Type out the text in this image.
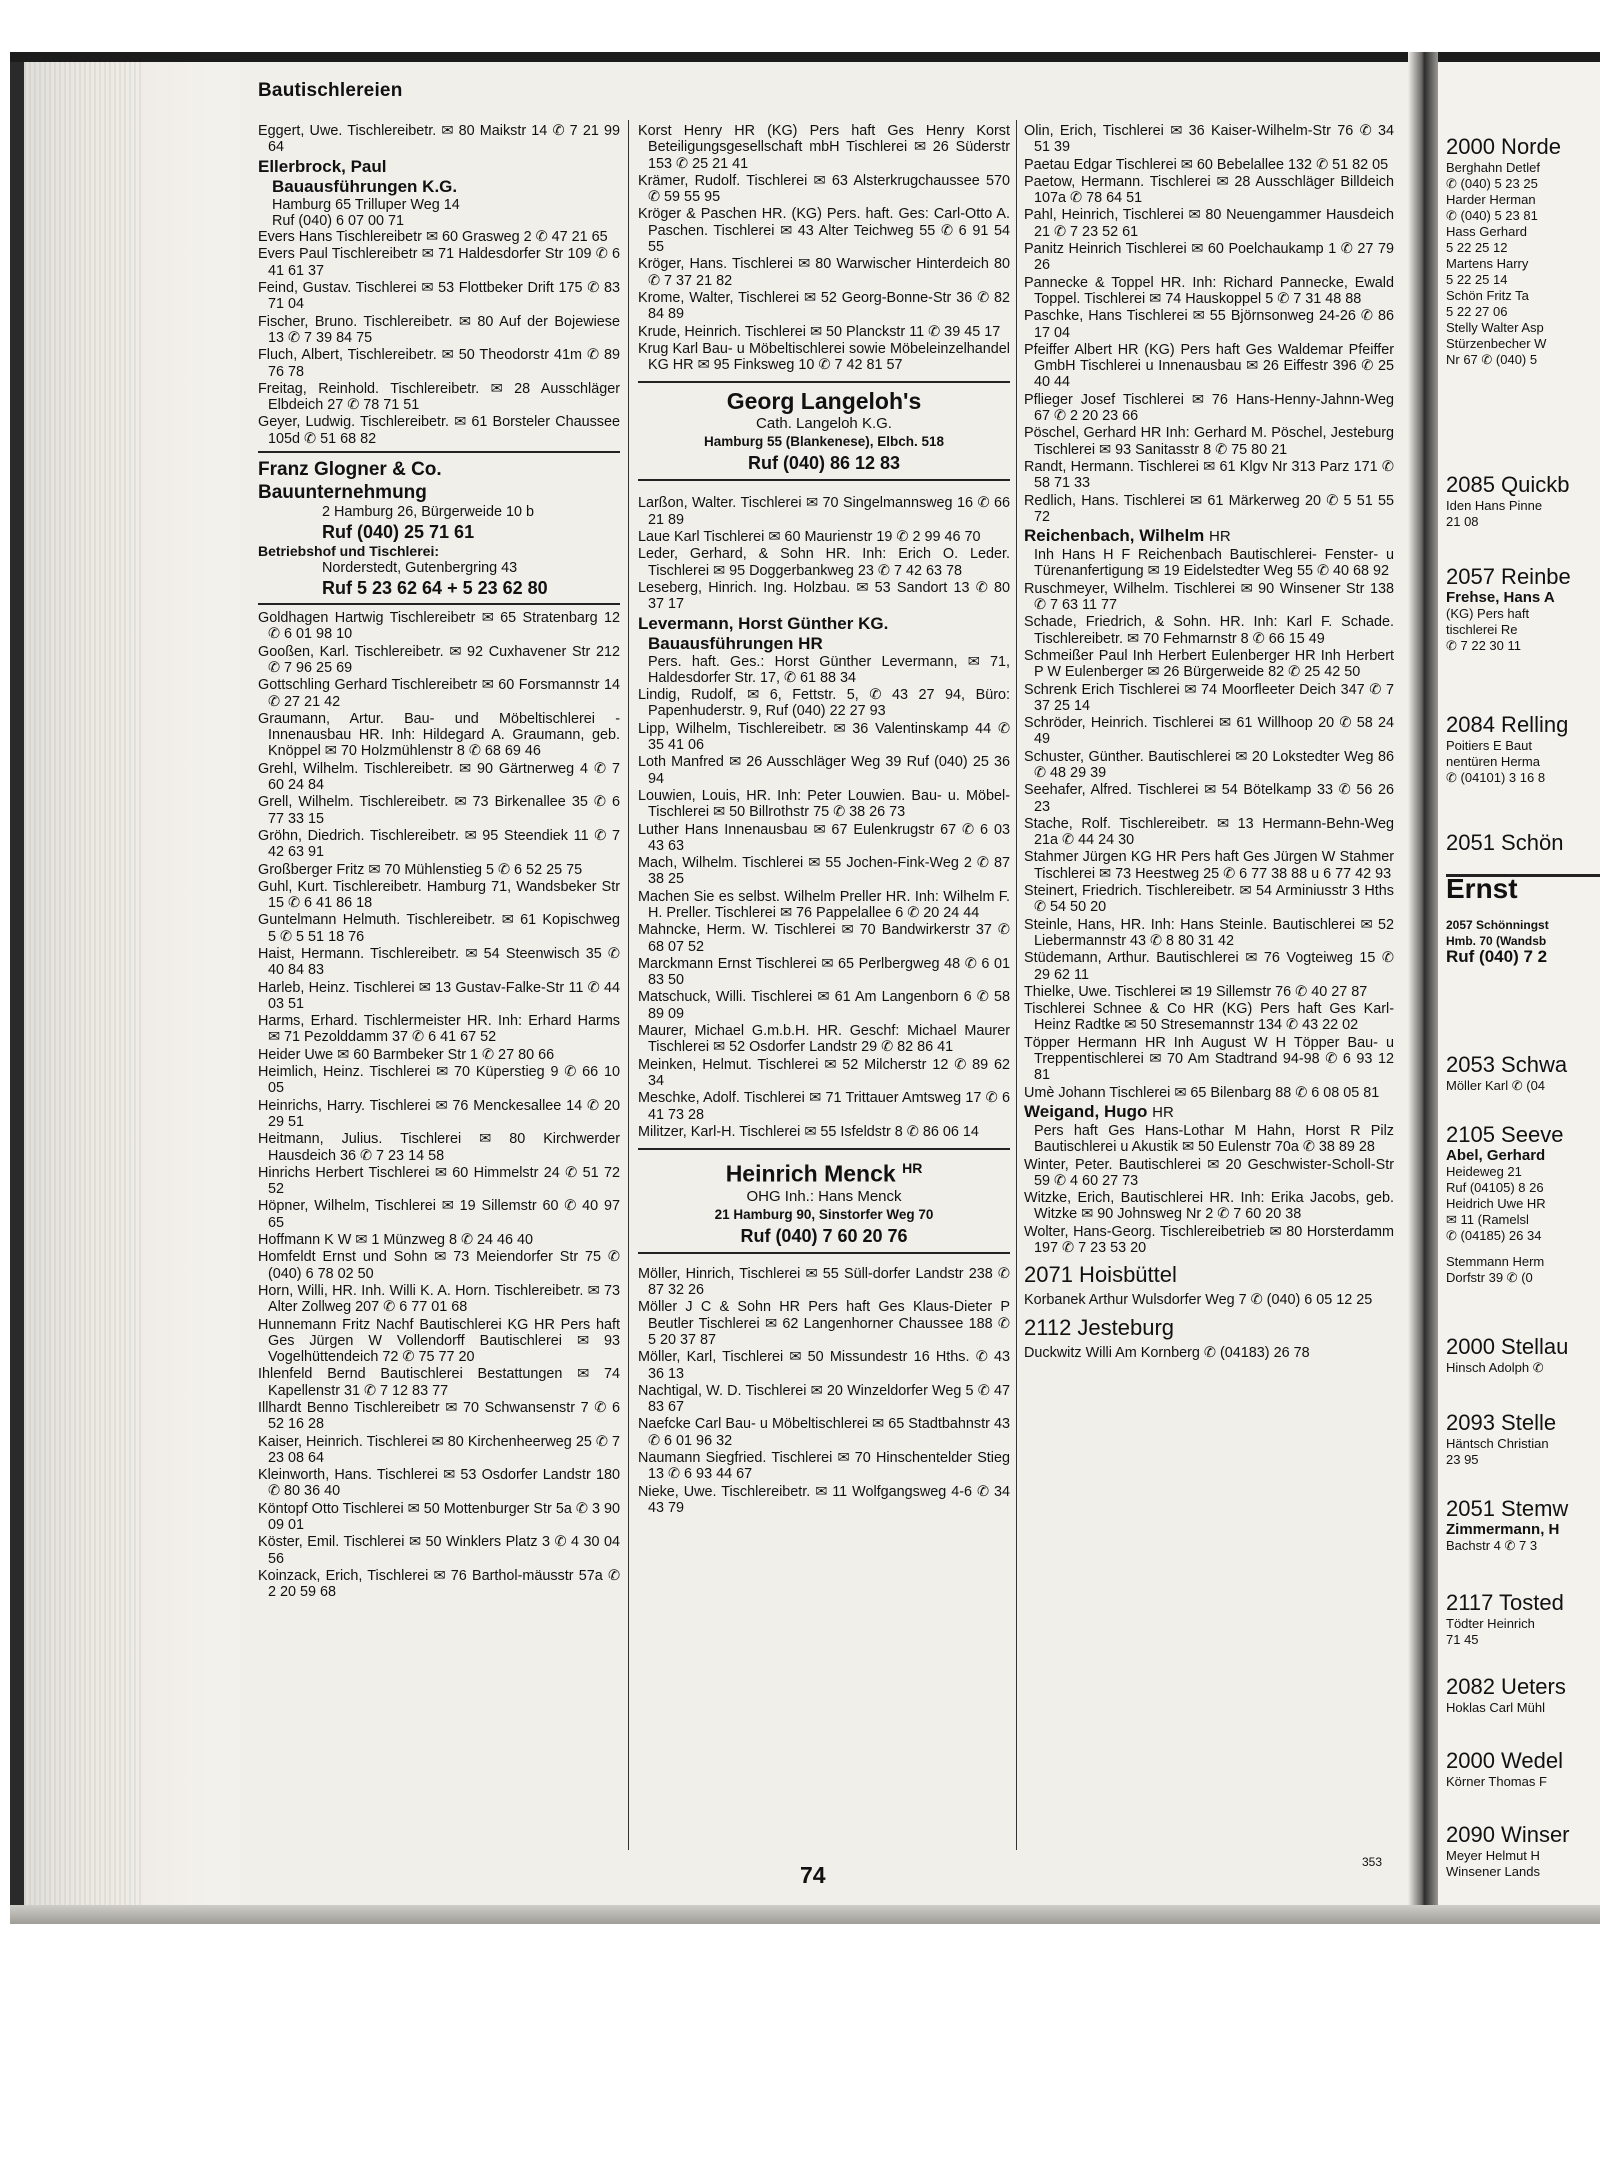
Bautischlereien
Eggert, Uwe. Tischlereibetr. ✉ 80 Maikstr 14 ✆ 7 21 99 64
Ellerbrock, Paul
Bauausführungen K.G.
Hamburg 65 Trilluper Weg 14
Ruf (040) 6 07 00 71
Evers Hans Tischlereibetr ✉ 60 Grasweg 2 ✆ 47 21 65
Evers Paul Tischlereibetr ✉ 71 Haldesdorfer Str 109 ✆ 6 41 61 37
Feind, Gustav. Tischlerei ✉ 53 Flottbeker Drift 175 ✆ 83 71 04
Fischer, Bruno. Tischlereibetr. ✉ 80 Auf der Bojewiese 13 ✆ 7 39 84 75
Fluch, Albert, Tischlereibetr. ✉ 50 Theodorstr 41m ✆ 89 76 78
Freitag, Reinhold. Tischlereibetr. ✉ 28 Ausschläger Elbdeich 27 ✆ 78 71 51
Geyer, Ludwig. Tischlereibetr. ✉ 61 Borsteler Chaussee 105d ✆ 51 68 82
Franz Glogner & Co.
Bauunternehmung
2 Hamburg 26, Bürgerweide 10 b
Ruf (040) 25 71 61
Betriebshof und Tischlerei:
Norderstedt, Gutenbergring 43
Ruf 5 23 62 64 + 5 23 62 80
Goldhagen Hartwig Tischlereibetr ✉ 65 Stratenbarg 12 ✆ 6 01 98 10
Gooßen, Karl. Tischlereibetr. ✉ 92 Cuxhavener Str 212 ✆ 7 96 25 69
Gottschling Gerhard Tischlereibetr ✉ 60 Forsmannstr 14 ✆ 27 21 42
Graumann, Artur. Bau- und Möbeltischlerei - Innenausbau HR. Inh: Hildegard A. Graumann, geb. Knöppel ✉ 70 Holzmühlenstr 8 ✆ 68 69 46
Grehl, Wilhelm. Tischlereibetr. ✉ 90 Gärtnerweg 4 ✆ 7 60 24 84
Grell, Wilhelm. Tischlereibetr. ✉ 73 Birkenallee 35 ✆ 6 77 33 15
Gröhn, Diedrich. Tischlereibetr. ✉ 95 Steendiek 11 ✆ 7 42 63 91
Großberger Fritz ✉ 70 Mühlenstieg 5 ✆ 6 52 25 75
Guhl, Kurt. Tischlereibetr. Hamburg 71, Wandsbeker Str 15 ✆ 6 41 86 18
Guntelmann Helmuth. Tischlereibetr. ✉ 61 Kopischweg 5 ✆ 5 51 18 76
Haist, Hermann. Tischlereibetr. ✉ 54 Steenwisch 35 ✆ 40 84 83
Harleb, Heinz. Tischlerei ✉ 13 Gustav-Falke-Str 11 ✆ 44 03 51
Harms, Erhard. Tischlermeister HR. Inh: Erhard Harms ✉ 71 Pezolddamm 37 ✆ 6 41 67 52
Heider Uwe ✉ 60 Barmbeker Str 1 ✆ 27 80 66
Heimlich, Heinz. Tischlerei ✉ 70 Küperstieg 9 ✆ 66 10 05
Heinrichs, Harry. Tischlerei ✉ 76 Menckesallee 14 ✆ 20 29 51
Heitmann, Julius. Tischlerei ✉ 80 Kirchwerder Hausdeich 36 ✆ 7 23 14 58
Hinrichs Herbert Tischlerei ✉ 60 Himmelstr 24 ✆ 51 72 52
Höpner, Wilhelm, Tischlerei ✉ 19 Sillemstr 60 ✆ 40 97 65
Hoffmann K W ✉ 1 Münzweg 8 ✆ 24 46 40
Homfeldt Ernst und Sohn ✉ 73 Meiendorfer Str 75 ✆ (040) 6 78 02 50
Horn, Willi, HR. Inh. Willi K. A. Horn. Tischlereibetr. ✉ 73 Alter Zollweg 207 ✆ 6 77 01 68
Hunnemann Fritz Nachf Bautischlerei KG HR Pers haft Ges Jürgen W Vollendorff Bautischlerei ✉ 93 Vogelhüttendeich 72 ✆ 75 77 20
Ihlenfeld Bernd Bautischlerei Bestattungen ✉ 74 Kapellenstr 31 ✆ 7 12 83 77
Illhardt Benno Tischlereibetr ✉ 70 Schwansenstr 7 ✆ 6 52 16 28
Kaiser, Heinrich. Tischlerei ✉ 80 Kirchenheerweg 25 ✆ 7 23 08 64
Kleinworth, Hans. Tischlerei ✉ 53 Osdorfer Landstr 180 ✆ 80 36 40
Köntopf Otto Tischlerei ✉ 50 Mottenburger Str 5a ✆ 3 90 09 01
Köster, Emil. Tischlerei ✉ 50 Winklers Platz 3 ✆ 4 30 04 56
Koinzack, Erich, Tischlerei ✉ 76 Barthol-mäusstr 57a ✆ 2 20 59 68
Korst Henry HR (KG) Pers haft Ges Henry Korst Beteiligungsgesellschaft mbH Tischlerei ✉ 26 Süderstr 153 ✆ 25 21 41
Krämer, Rudolf. Tischlerei ✉ 63 Alsterkrugchaussee 570 ✆ 59 55 95
Kröger & Paschen HR. (KG) Pers. haft. Ges: Carl-Otto A. Paschen. Tischlerei ✉ 43 Alter Teichweg 55 ✆ 6 91 54 55
Kröger, Hans. Tischlerei ✉ 80 Warwischer Hinterdeich 80 ✆ 7 37 21 82
Krome, Walter, Tischlerei ✉ 52 Georg-Bonne-Str 36 ✆ 82 84 89
Krude, Heinrich. Tischlerei ✉ 50 Planckstr 11 ✆ 39 45 17
Krug Karl Bau- u Möbeltischlerei sowie Möbeleinzelhandel KG HR ✉ 95 Finksweg 10 ✆ 7 42 81 57
Georg Langeloh's
Cath. Langeloh K.G.
Hamburg 55 (Blankenese), Elbch. 518
Ruf (040) 86 12 83
Larßon, Walter. Tischlerei ✉ 70 Singelmannsweg 16 ✆ 66 21 89
Laue Karl Tischlerei ✉ 60 Maurienstr 19 ✆ 2 99 46 70
Leder, Gerhard, & Sohn HR. Inh: Erich O. Leder. Tischlerei ✉ 95 Doggerbankweg 23 ✆ 7 42 63 78
Leseberg, Hinrich. Ing. Holzbau. ✉ 53 Sandort 13 ✆ 80 37 17
Levermann, Horst Günther KG.
Bauausführungen HR
Pers. haft. Ges.: Horst Günther Levermann, ✉ 71, Haldesdorfer Str. 17, ✆ 61 88 34
Lindig, Rudolf, ✉ 6, Fettstr. 5, ✆ 43 27 94, Büro: Papenhuderstr. 9, Ruf (040) 22 27 93
Lipp, Wilhelm, Tischlereibetr. ✉ 36 Valentinskamp 44 ✆ 35 41 06
Loth Manfred ✉ 26 Ausschläger Weg 39 Ruf (040) 25 36 94
Louwien, Louis, HR. Inh: Peter Louwien. Bau- u. Möbel-Tischlerei ✉ 50 Billrothstr 75 ✆ 38 26 73
Luther Hans Innenausbau ✉ 67 Eulenkrugstr 67 ✆ 6 03 43 63
Mach, Wilhelm. Tischlerei ✉ 55 Jochen-Fink-Weg 2 ✆ 87 38 25
Machen Sie es selbst. Wilhelm Preller HR. Inh: Wilhelm F. H. Preller. Tischlerei ✉ 76 Pappelallee 6 ✆ 20 24 44
Mahncke, Herm. W. Tischlerei ✉ 70 Bandwirkerstr 37 ✆ 68 07 52
Marckmann Ernst Tischlerei ✉ 65 Perlbergweg 48 ✆ 6 01 83 50
Matschuck, Willi. Tischlerei ✉ 61 Am Langenborn 6 ✆ 58 89 09
Maurer, Michael G.m.b.H. HR. Geschf: Michael Maurer Tischlerei ✉ 52 Osdorfer Landstr 29 ✆ 82 86 41
Meinken, Helmut. Tischlerei ✉ 52 Milcherstr 12 ✆ 89 62 34
Meschke, Adolf. Tischlerei ✉ 71 Trittauer Amtsweg 17 ✆ 6 41 73 28
Militzer, Karl-H. Tischlerei ✉ 55 Isfeldstr 8 ✆ 86 06 14
Heinrich Menck $^{HR}$
OHG Inh.: Hans Menck
21 Hamburg 90, Sinstorfer Weg 70
Ruf (040) 7 60 20 76
Möller, Hinrich, Tischlerei ✉ 55 Süll-dorfer Landstr 238 ✆ 87 32 26
Möller J C & Sohn HR Pers haft Ges Klaus-Dieter P Beutler Tischlerei ✉ 62 Langenhorner Chaussee 188 ✆ 5 20 37 87
Möller, Karl, Tischlerei ✉ 50 Missundestr 16 Hths. ✆ 43 36 13
Nachtigal, W. D. Tischlerei ✉ 20 Winzeldorfer Weg 5 ✆ 47 83 67
Naefcke Carl Bau- u Möbeltischlerei ✉ 65 Stadtbahnstr 43 ✆ 6 01 96 32
Naumann Siegfried. Tischlerei ✉ 70 Hinschentelder Stieg 13 ✆ 6 93 44 67
Nieke, Uwe. Tischlereibetr. ✉ 11 Wolfgangsweg 4-6 ✆ 34 43 79
Olin, Erich, Tischlerei ✉ 36 Kaiser-Wilhelm-Str 76 ✆ 34 51 39
Paetau Edgar Tischlerei ✉ 60 Bebelallee 132 ✆ 51 82 05
Paetow, Hermann. Tischlerei ✉ 28 Ausschläger Billdeich 107a ✆ 78 64 51
Pahl, Heinrich, Tischlerei ✉ 80 Neuengammer Hausdeich 21 ✆ 7 23 52 61
Panitz Heinrich Tischlerei ✉ 60 Poelchaukamp 1 ✆ 27 79 26
Pannecke & Toppel HR. Inh: Richard Pannecke, Ewald Toppel. Tischlerei ✉ 74 Hauskoppel 5 ✆ 7 31 48 88
Paschke, Hans Tischlerei ✉ 55 Björnsonweg 24-26 ✆ 86 17 04
Pfeiffer Albert HR (KG) Pers haft Ges Waldemar Pfeiffer GmbH Tischlerei u Innenausbau ✉ 26 Eiffestr 396 ✆ 25 40 44
Pflieger Josef Tischlerei ✉ 76 Hans-Henny-Jahnn-Weg 67 ✆ 2 20 23 66
Pöschel, Gerhard HR Inh: Gerhard M. Pöschel, Jesteburg Tischlerei ✉ 93 Sanitasstr 8 ✆ 75 80 21
Randt, Hermann. Tischlerei ✉ 61 Klgv Nr 313 Parz 171 ✆ 58 71 33
Redlich, Hans. Tischlerei ✉ 61 Märkerweg 20 ✆ 5 51 55 72
Reichenbach, Wilhelm HR
Inh Hans H F Reichenbach Bautischlerei- Fenster- u Türenanfertigung ✉ 19 Eidelstedter Weg 55 ✆ 40 68 92
Ruschmeyer, Wilhelm. Tischlerei ✉ 90 Winsener Str 138 ✆ 7 63 11 77
Schade, Friedrich, & Sohn. HR. Inh: Karl F. Schade. Tischlereibetr. ✉ 70 Fehmarnstr 8 ✆ 66 15 49
Schmeißer Paul Inh Herbert Eulenberger HR Inh Herbert P W Eulenberger ✉ 26 Bürgerweide 82 ✆ 25 42 50
Schrenk Erich Tischlerei ✉ 74 Moorfleeter Deich 347 ✆ 7 37 25 14
Schröder, Heinrich. Tischlerei ✉ 61 Willhoop 20 ✆ 58 24 49
Schuster, Günther. Bautischlerei ✉ 20 Lokstedter Weg 86 ✆ 48 29 39
Seehafer, Alfred. Tischlerei ✉ 54 Bötelkamp 33 ✆ 56 26 23
Stache, Rolf. Tischlereibetr. ✉ 13 Hermann-Behn-Weg 21a ✆ 44 24 30
Stahmer Jürgen KG HR Pers haft Ges Jürgen W Stahmer Tischlerei ✉ 73 Heestweg 25 ✆ 6 77 38 88 u 6 77 42 93
Steinert, Friedrich. Tischlereibetr. ✉ 54 Arminiusstr 3 Hths ✆ 54 50 20
Steinle, Hans, HR. Inh: Hans Steinle. Bautischlerei ✉ 52 Liebermannstr 43 ✆ 8 80 31 42
Stüdemann, Arthur. Bautischlerei ✉ 76 Vogteiweg 15 ✆ 29 62 11
Thielke, Uwe. Tischlerei ✉ 19 Sillemstr 76 ✆ 40 27 87
Tischlerei Schnee & Co HR (KG) Pers haft Ges Karl-Heinz Radtke ✉ 50 Stresemannstr 134 ✆ 43 22 02
Töpper Hermann HR Inh August W H Töpper Bau- u Treppentischlerei ✉ 70 Am Stadtrand 94-98 ✆ 6 93 12 81
Umè Johann Tischlerei ✉ 65 Bilenbarg 88 ✆ 6 08 05 81
Weigand, Hugo HR
Pers haft Ges Hans-Lothar M Hahn, Horst R Pilz Bautischlerei u Akustik ✉ 50 Eulenstr 70a ✆ 38 89 28
Winter, Peter. Bautischlerei ✉ 20 Geschwister-Scholl-Str 59 ✆ 4 60 27 73
Witzke, Erich, Bautischlerei HR. Inh: Erika Jacobs, geb. Witzke ✉ 90 Johnsweg Nr 2 ✆ 7 60 20 38
Wolter, Hans-Georg. Tischlereibetrieb ✉ 80 Horsterdamm 197 ✆ 7 23 53 20
2071 Hoisbüttel
Korbanek Arthur Wulsdorfer Weg 7 ✆ (040) 6 05 12 25
2112 Jesteburg
Duckwitz Willi Am Kornberg ✆ (04183) 26 78
353
74
2000 Norde
Berghahn Detlef
✆ (040) 5 23 25
Harder Herman
✆ (040) 5 23 81
Hass Gerhard
5 22 25 12
Martens Harry
5 22 25 14
Schön Fritz Ta
5 22 27 06
Stelly Walter Asp
Stürzenbecher W
Nr 67 ✆ (040) 5
2085 Quickb
Iden Hans Pinne
21 08
2057 Reinbe
Frehse, Hans A
(KG) Pers haft
tischlerei Re
✆ 7 22 30 11
2084 Relling
Poitiers E Baut
nentüren Herma
✆ (04101) 3 16 8
2051 Schön
Ernst
2057 Schönningst
Hmb. 70 (Wandsb
Ruf (040) 7 2
2053 Schwa
Möller Karl ✆ (04
2105 Seeve
Abel, Gerhard
Heideweg 21
Ruf (04105) 8 26
Heidrich Uwe HR
✉ 11 (Ramelsl
✆ (04185) 26 34
Stemmann Herm
Dorfstr 39 ✆ (0
2000 Stellau
Hinsch Adolph ✆
2093 Stelle
Häntsch Christian
23 95
2051 Stemw
Zimmermann, H
Bachstr 4 ✆ 7 3
2117 Tosted
Tödter Heinrich
71 45
2082 Ueters
Hoklas Carl Mühl
2000 Wedel
Körner Thomas F
2090 Winser
Meyer Helmut H
Winsener Lands
